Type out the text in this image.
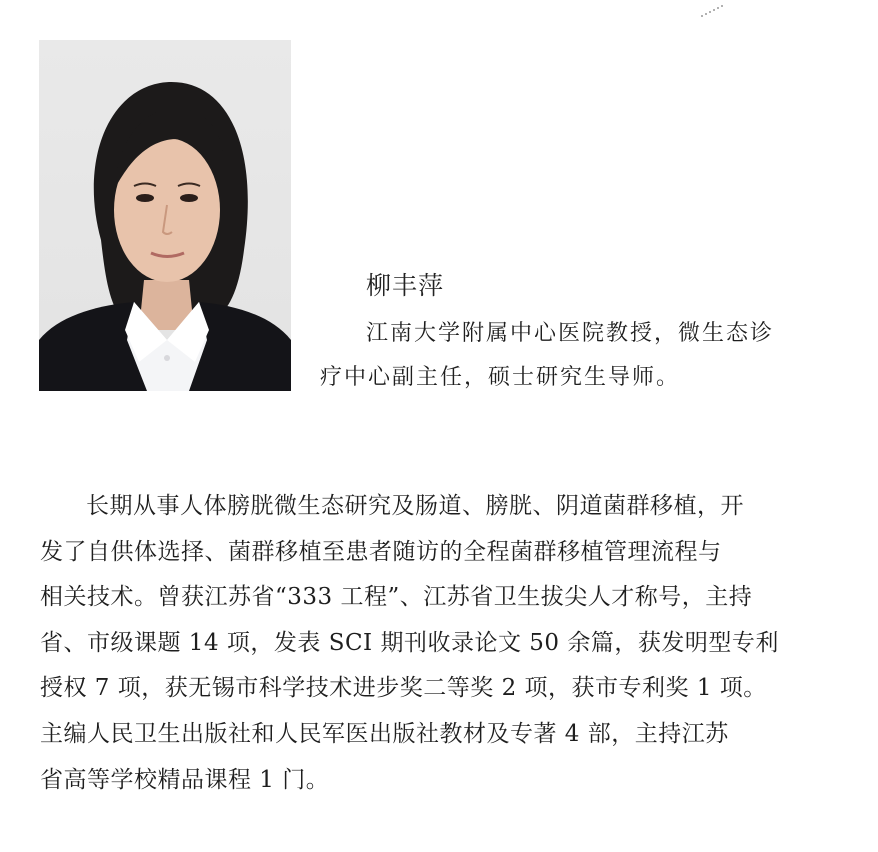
柳丰萍
江南大学附属中心医院教授，微生态诊
疗中心副主任，硕士研究生导师。
长期从事人体膀胱微生态研究及肠道、膀胱、阴道菌群移植，开
发了自供体选择、菌群移植至患者随访的全程菌群移植管理流程与
相关技术。曾获江苏省“333 工程”、江苏省卫生拔尖人才称号，主持
省、市级课题 14 项，发表 SCI 期刊收录论文 50 余篇，获发明型专利
授权 7 项，获无锡市科学技术进步奖二等奖 2 项，获市专利奖 1 项。
主编人民卫生出版社和人民军医出版社教材及专著 4 部，主持江苏
省高等学校精品课程 1 门。
